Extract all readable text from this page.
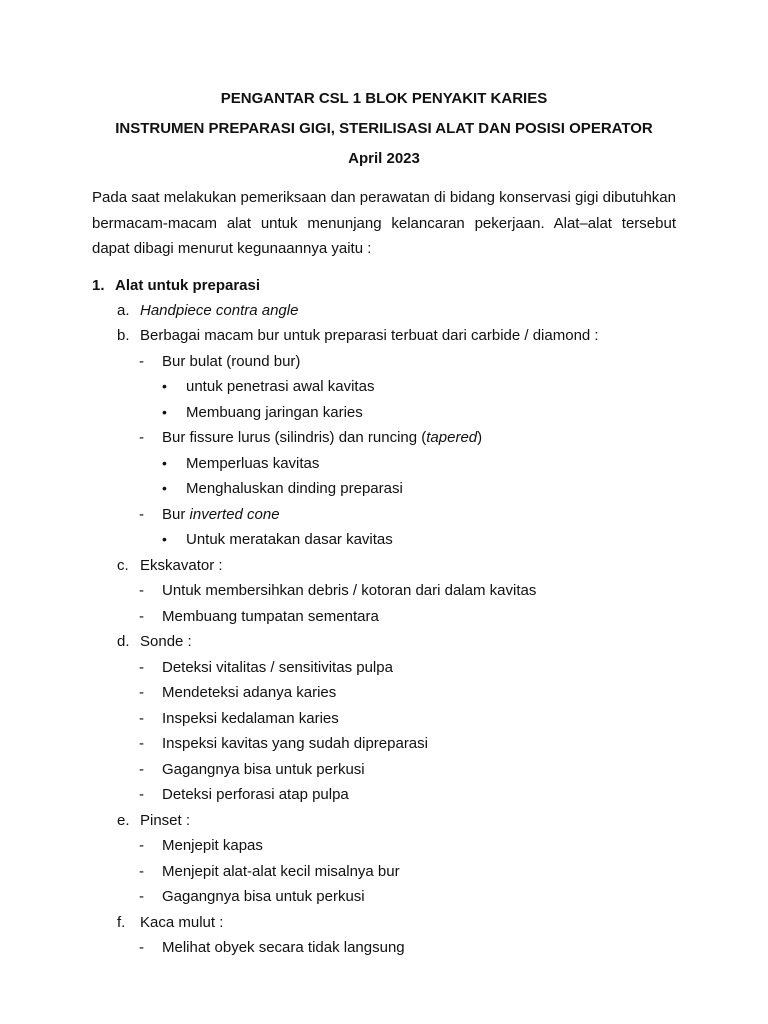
PENGANTAR CSL 1 BLOK PENYAKIT KARIES

INSTRUMEN PREPARASI GIGI, STERILISASI ALAT DAN POSISI OPERATOR

April 2023

Pada saat melakukan pemeriksaan dan perawatan di bidang konservasi gigi dibutuhkan bermacam-macam alat untuk menunjang kelancaran pekerjaan. Alat–alat tersebut dapat dibagi menurut kegunaannya yaitu :

1. Alat untuk preparasi
a. Handpiece contra angle
b. Berbagai macam bur untuk preparasi terbuat dari carbide / diamond :
-	Bur bulat (round bur)
•	untuk penetrasi awal kavitas
•	Membuang jaringan karies
-	Bur fissure lurus (silindris) dan runcing (tapered)
•	Memperluas kavitas
•	Menghaluskan dinding preparasi
-	Bur inverted cone
•	Untuk meratakan dasar kavitas
c. Ekskavator :
-	Untuk membersihkan debris / kotoran dari dalam kavitas
-	Membuang tumpatan sementara
d. Sonde :
-	Deteksi vitalitas / sensitivitas pulpa
-	Mendeteksi adanya karies
-	Inspeksi kedalaman karies
-	Inspeksi kavitas yang sudah dipreparasi
-	Gagangnya bisa untuk perkusi
-	Deteksi perforasi atap pulpa
e. Pinset :
-	Menjepit kapas
-	Menjepit alat-alat kecil misalnya bur
-	Gagangnya bisa untuk perkusi
f. Kaca mulut :
-	Melihat obyek secara tidak langsung
